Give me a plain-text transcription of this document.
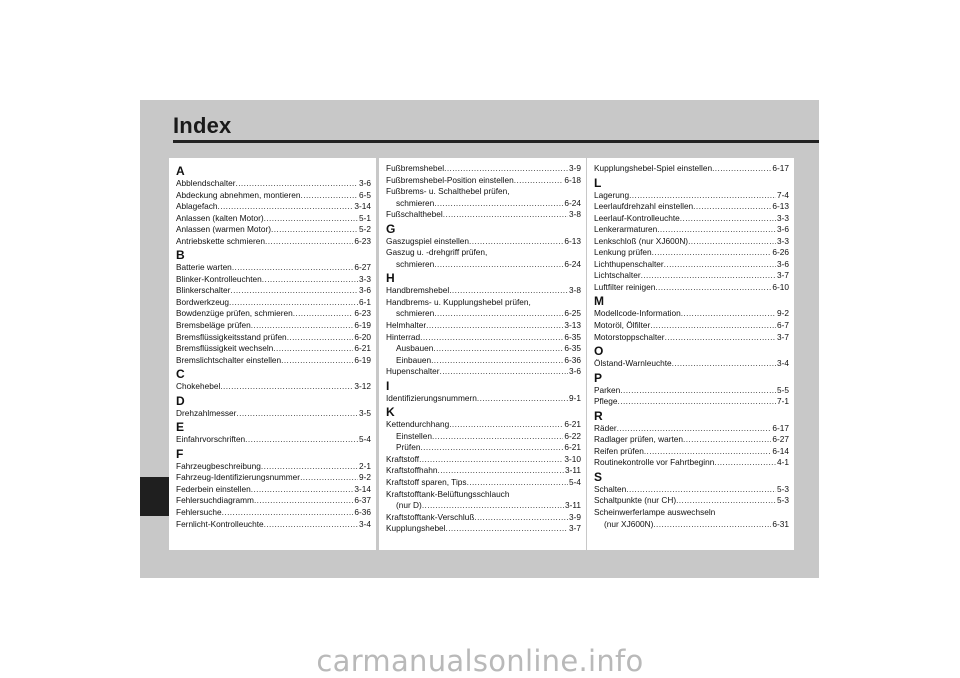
Index
A
Abblendschalter .....	3-6
Abdeckung abnehmen, montieren .....	6-5
Ablagefach .....	3-14
Anlassen (kalten Motor) .....	5-1
Anlassen (warmen Motor) .....	5-2
Antriebskette schmieren .....	6-23
B
Batterie warten .....	6-27
Blinker-Kontrolleuchten .....	3-3
Blinkerschalter .....	3-6
Bordwerkzeug .....	6-1
Bowdenzüge prüfen, schmieren .....	6-23
Bremsbeläge prüfen .....	6-19
Bremsflüssigkeitsstand prüfen .....	6-20
Bremsflüssigkeit wechseln .....	6-21
Bremslichtschalter einstellen .....	6-19
C
Chokehebel .....	3-12
D
Drehzahlmesser .....	3-5
E
Einfahrvorschriften .....	5-4
F
Fahrzeugbeschreibung .....	2-1
Fahrzeug-Identifizierungsnummer .....	9-2
Federbein einstellen .....	3-14
Fehlersuchdiagramm .....	6-37
Fehlersuche .....	6-36
Fernlicht-Kontrolleuchte .....	3-4
Fußbremshebel .....	3-9
Fußbremshebel-Position einstellen .....	6-18
Fußbrems- u. Schalthebel prüfen,
schmieren .....	6-24
Fußschalthebel .....	3-8
G
Gaszugspiel einstellen .....	6-13
Gaszug u. -drehgriff prüfen,
schmieren .....	6-24
H
Handbremshebel .....	3-8
Handbrems- u. Kupplungshebel prüfen,
schmieren .....	6-25
Helmhalter .....	3-13
Hinterrad .....	6-35
Ausbauen .....	6-35
Einbauen .....	6-36
Hupenschalter .....	3-6
I
Identifizierungsnummern .....	9-1
K
Kettendurchhang .....	6-21
Einstellen .....	6-22
Prüfen .....	6-21
Kraftstoff .....	3-10
Kraftstoffhahn .....	3-11
Kraftstoff sparen, Tips .....	5-4
Kraftstofftank-Belüftungsschlauch
(nur D) .....	3-11
Kraftstofftank-Verschluß .....	3-9
Kupplungshebel .....	3-7
Kupplungshebel-Spiel einstellen .....	6-17
L
Lagerung .....	7-4
Leerlaufdrehzahl einstellen .....	6-13
Leerlauf-Kontrolleuchte .....	3-3
Lenkerarmaturen .....	3-6
Lenkschloß (nur XJ600N) .....	3-3
Lenkung prüfen .....	6-26
Lichthupenschalter .....	3-6
Lichtschalter .....	3-7
Luftfilter reinigen .....	6-10
M
Modellcode-Information .....	9-2
Motoröl, Ölfilter .....	6-7
Motorstoppschalter .....	3-7
O
Ölstand-Warnleuchte .....	3-4
P
Parken .....	5-5
Pflege .....	7-1
R
Räder .....	6-17
Radlager prüfen, warten .....	6-27
Reifen prüfen .....	6-14
Routinekontrolle vor Fahrtbeginn .....	4-1
S
Schalten .....	5-3
Schaltpunkte (nur CH) .....	5-3
Scheinwerferlampe auswechseln
(nur XJ600N) .....	6-31
carmanualsonline.info
